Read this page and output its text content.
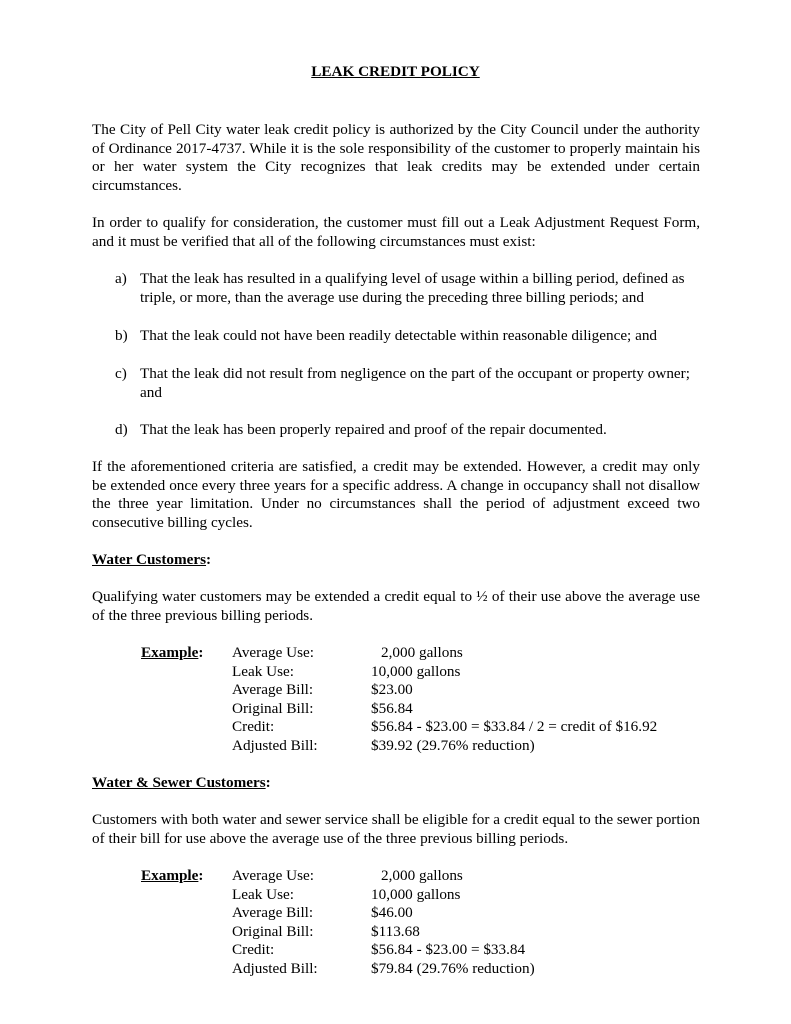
LEAK CREDIT POLICY

The City of Pell City water leak credit policy is authorized by the City Council under the authority of Ordinance 2017-4737. While it is the sole responsibility of the customer to properly maintain his or her water system the City recognizes that leak credits may be extended under certain circumstances.

In order to qualify for consideration, the customer must fill out a Leak Adjustment Request Form, and it must be verified that all of the following circumstances must exist:

a) That the leak has resulted in a qualifying level of usage within a billing period, defined as triple, or more, than the average use during the preceding three billing periods; and
b) That the leak could not have been readily detectable within reasonable diligence; and
c) That the leak did not result from negligence on the part of the occupant or property owner; and
d) That the leak has been properly repaired and proof of the repair documented.

If the aforementioned criteria are satisfied, a credit may be extended. However, a credit may only be extended once every three years for a specific address. A change in occupancy shall not disallow the three year limitation. Under no circumstances shall the period of adjustment exceed two consecutive billing cycles.

Water Customers:

Qualifying water customers may be extended a credit equal to ½ of their use above the average use of the three previous billing periods.

Example: Average Use:	2,000 gallons
Leak Use:	10,000 gallons
Average Bill:	$23.00
Original Bill:	$56.84
Credit:	$56.84 - $23.00 = $33.84 / 2 = credit of $16.92
Adjusted Bill:	$39.92 (29.76% reduction)
Water & Sewer Customers:

Customers with both water and sewer service shall be eligible for a credit equal to the sewer portion of their bill for use above the average use of the three previous billing periods.

Example: Average Use:	2,000 gallons
Leak Use:	10,000 gallons
Average Bill:	$46.00
Original Bill:	$113.68
Credit:	$56.84 - $23.00 = $33.84
Adjusted Bill:	$79.84 (29.76% reduction)
